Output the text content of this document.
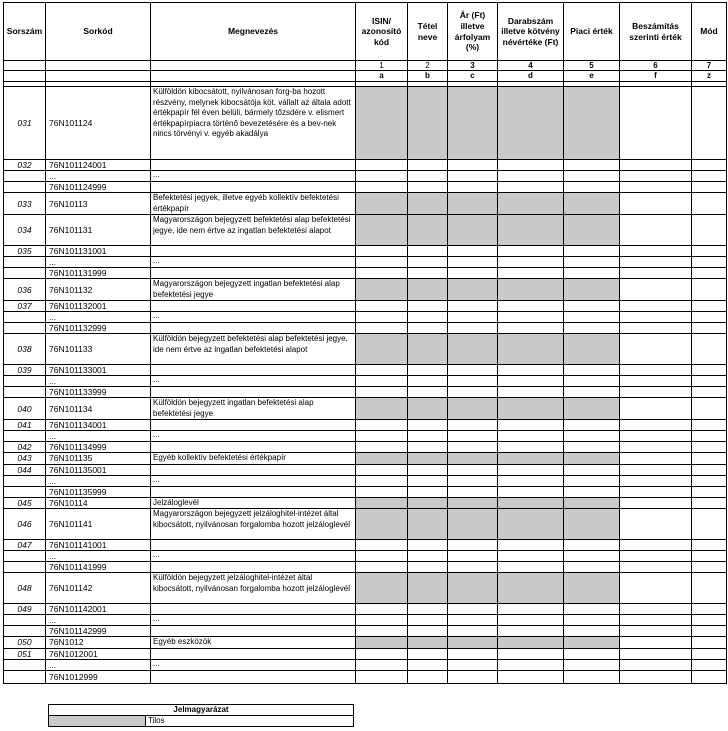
Sorszám	Sorkód	Megnevezés	ISIN/ azonosító kód	Tétel neve	Ár (Ft) illetve árfolyam (%)	Darabszám illetve kötvény névértéke (Ft)	Piaci érték	Beszámítás szerinti érték	Mód
			1	2	3	4	5	6	7
			a	b	c	d	e	f	z

031	76N101124	Külföldön kibocsátott, nyilvánosan forg-ba hozott részvény, melynek kibocsátója köt. vállalt az általa adott értékpapír fél éven belüli, bármely tőzsdére v. elismert értékpapírpiacra történő bevezetésére és a bev-nek nincs törvényi v. egyéb akadálya							
032	76N101124001								
	...	...							
	76N101124999								
033	76N10113	Befektetési jegyek, illetve egyéb kollektív befektetési értékpapír							
034	76N101131	Magyarországon bejegyzett befektetési alap befektetési jegye, ide nem értve az ingatlan befektetési alapot							
035	76N101131001								
	...	...							
	76N101131999								
036	76N101132	Magyarországon bejegyzett ingatlan befektetési alap befektetési jegye							
037	76N101132001								
	...	...							
	76N101132999								
038	76N101133	Külföldön bejegyzett befektetési alap befektetési jegye, ide nem értve az ingatlan befektetési alapot							
039	76N101133001								
	...	...							
	76N101133999								
040	76N101134	Külföldön bejegyzett ingatlan befektetési alap befektetési jegye							
041	76N101134001								
	...	...							
042	76N101134999								
043	76N101135	Egyéb kollektív befektetési értékpapír							
044	76N101135001								
	...	...							
	76N101135999								
045	76N10114	Jelzáloglevél							
046	76N101141	Magyarországon bejegyzett jelzáloghitel-intézet által kibocsátott, nyilvánosan forgalomba hozott jelzáloglevél							
047	76N101141001								
	...	...							
	76N101141999								
048	76N101142	Külföldön bejegyzett jelzáloghitel-intézet által kibocsátott, nyilvánosan forgalomba hozott jelzáloglevél							
049	76N101142001								
	...	...							
	76N101142999								
050	76N1012	Egyéb eszközök							
051	76N1012001								
	...	...							
	76N1012999								
Jelmagyarázat
	Tilos
